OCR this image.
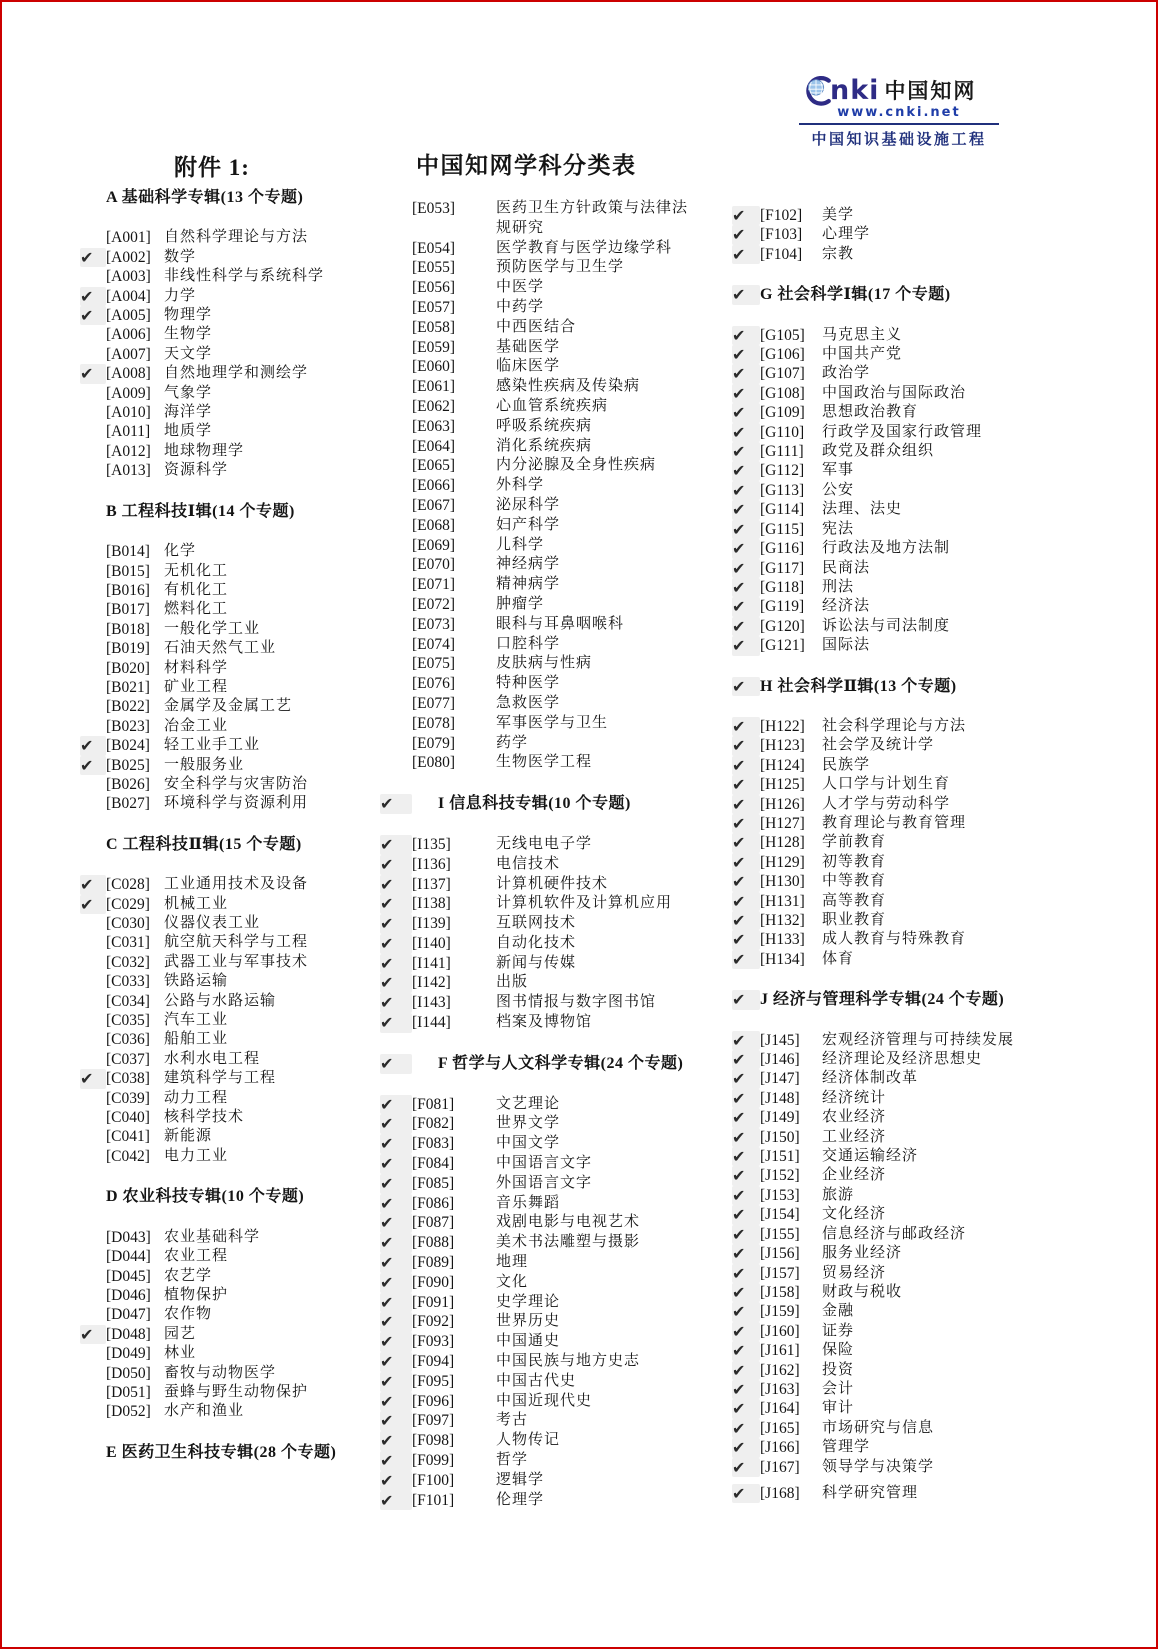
附件 1:	中国知网学科分类表
nki 中国知网
www.cnki.net
中国知识基础设施工程
A 基础科学专辑(13 个专题)
[A001] 自然科学理论与方法
✔ [A002] 数学
[A003] 非线性科学与系统科学
✔ [A004] 力学
✔ [A005] 物理学
[A006] 生物学
[A007] 天文学
✔ [A008] 自然地理学和测绘学
[A009] 气象学
[A010] 海洋学
[A011] 地质学
[A012] 地球物理学
[A013] 资源科学
B 工程科技Ⅰ辑(14 个专题)
[B014] 化学
[B015] 无机化工
[B016] 有机化工
[B017] 燃料化工
[B018] 一般化学工业
[B019] 石油天然气工业
[B020] 材料科学
[B021] 矿业工程
[B022] 金属学及金属工艺
[B023] 冶金工业
✔ [B024] 轻工业手工业
✔ [B025] 一般服务业
[B026] 安全科学与灾害防治
[B027] 环境科学与资源利用
C 工程科技Ⅱ辑(15 个专题)
✔ [C028] 工业通用技术及设备
✔ [C029] 机械工业
[C030] 仪器仪表工业
[C031] 航空航天科学与工程
[C032] 武器工业与军事技术
[C033] 铁路运输
[C034] 公路与水路运输
[C035] 汽车工业
[C036] 船舶工业
[C037] 水利水电工程
✔ [C038] 建筑科学与工程
[C039] 动力工程
[C040] 核科学技术
[C041] 新能源
[C042] 电力工业
D 农业科技专辑(10 个专题)
[D043] 农业基础科学
[D044] 农业工程
[D045] 农艺学
[D046] 植物保护
[D047] 农作物
✔ [D048] 园艺
[D049] 林业
[D050] 畜牧与动物医学
[D051] 蚕蜂与野生动物保护
[D052] 水产和渔业
E 医药卫生科技专辑(28 个专题)
[E053]	医药卫生方针政策与法律法规研究
[E054]	医学教育与医学边缘学科
[E055]	预防医学与卫生学
[E056]	中医学
[E057]	中药学
[E058]	中西医结合
[E059]	基础医学
[E060]	临床医学
[E061]	感染性疾病及传染病
[E062]	心血管系统疾病
[E063]	呼吸系统疾病
[E064]	消化系统疾病
[E065]	内分泌腺及全身性疾病
[E066]	外科学
[E067]	泌尿科学
[E068]	妇产科学
[E069]	儿科学
[E070]	神经病学
[E071]	精神病学
[E072]	肿瘤学
[E073]	眼科与耳鼻咽喉科
[E074]	口腔科学
[E075]	皮肤病与性病
[E076]	特种医学
[E077]	急救医学
[E078]	军事医学与卫生
[E079]	药学
[E080]	生物医学工程
✔	I 信息科技专辑(10 个专题)
✔	[I135]	无线电电子学
✔	[I136]	电信技术
✔	[I137]	计算机硬件技术
✔	[I138]	计算机软件及计算机应用
✔	[I139]	互联网技术
✔	[I140]	自动化技术
✔	[I141]	新闻与传媒
✔	[I142]	出版
✔	[I143]	图书情报与数字图书馆
✔	[I144]	档案及博物馆
✔	F 哲学与人文科学专辑(24 个专题)
✔	[F081]	文艺理论
✔	[F082]	世界文学
✔	[F083]	中国文学
✔	[F084]	中国语言文字
✔	[F085]	外国语言文字
✔	[F086]	音乐舞蹈
✔	[F087]	戏剧电影与电视艺术
✔	[F088]	美术书法雕塑与摄影
✔	[F089]	地理
✔	[F090]	文化
✔	[F091]	史学理论
✔	[F092]	世界历史
✔	[F093]	中国通史
✔	[F094]	中国民族与地方史志
✔	[F095]	中国古代史
✔	[F096]	中国近现代史
✔	[F097]	考古
✔	[F098]	人物传记
✔	[F099]	哲学
✔	[F100]	逻辑学
✔	[F101]	伦理学
✔ [F102]	美学
✔ [F103]	心理学
✔ [F104]	宗教
✔ G 社会科学Ⅰ辑(17 个专题)
✔ [G105]	马克思主义
✔ [G106]	中国共产党
✔ [G107]	政治学
✔ [G108]	中国政治与国际政治
✔ [G109]	思想政治教育
✔ [G110]	行政学及国家行政管理
✔ [G111]	政党及群众组织
✔ [G112]	军事
✔ [G113]	公安
✔ [G114]	法理、法史
✔ [G115]	宪法
✔ [G116]	行政法及地方法制
✔ [G117]	民商法
✔ [G118]	刑法
✔ [G119]	经济法
✔ [G120]	诉讼法与司法制度
✔ [G121]	国际法
✔ H 社会科学Ⅱ辑(13 个专题)
✔ [H122]	社会科学理论与方法
✔ [H123]	社会学及统计学
✔ [H124]	民族学
✔ [H125]	人口学与计划生育
✔ [H126]	人才学与劳动科学
✔ [H127]	教育理论与教育管理
✔ [H128]	学前教育
✔ [H129]	初等教育
✔ [H130]	中等教育
✔ [H131]	高等教育
✔ [H132]	职业教育
✔ [H133]	成人教育与特殊教育
✔ [H134]	体育
✔ J 经济与管理科学专辑(24 个专题)
✔ [J145]	宏观经济管理与可持续发展
✔ [J146]	经济理论及经济思想史
✔ [J147]	经济体制改革
✔ [J148]	经济统计
✔ [J149]	农业经济
✔ [J150]	工业经济
✔ [J151]	交通运输经济
✔ [J152]	企业经济
✔ [J153]	旅游
✔ [J154]	文化经济
✔ [J155]	信息经济与邮政经济
✔ [J156]	服务业经济
✔ [J157]	贸易经济
✔ [J158]	财政与税收
✔ [J159]	金融
✔ [J160]	证券
✔ [J161]	保险
✔ [J162]	投资
✔ [J163]	会计
✔ [J164]	审计
✔ [J165]	市场研究与信息
✔ [J166]	管理学
✔ [J167]	领导学与决策学
✔ [J168]	科学研究管理
